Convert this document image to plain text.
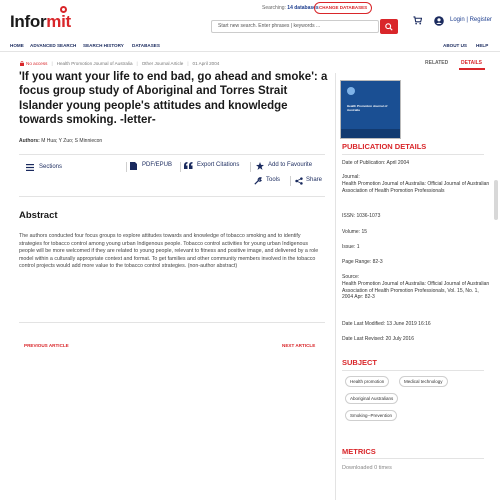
Informit
Searching: 14 databases CHANGE DATABASES
Start new search. Enter phrases | keywords ...
Login | Register
HOME ADVANCED SEARCH SEARCH HISTORY DATABASES	ABOUT US HELP
No access | Health Promotion Journal of Australia | Other Journal Article | 01 April 2004	RELATED	DETAILS
'If you want your life to end bad, go ahead and smoke': a focus group study of Aboriginal and Torres Strait Islander young people's attitudes and knowledge towards smoking. -letter-
Authors: M Hua; Y Zuo; S Minniecon
Sections	PDF/EPUB	Export Citations	Add to Favourite
Tools	Share
Abstract

The authors conducted four focus groups to explore attitudes towards and knowledge of tobacco smoking and to identify strategies for tobacco control among young urban Indigenous people. Tobacco control activities for young urban Indigenous people will be more welcomed if they are related to young people, relevant to fitness and positive image, and delivered by a role model within a culturally appropriate context and format. To get families and other community members involved in the tobacco control projects would add more value to the tobacco control strategies. (non-author abstract)

PREVIOUS ARTICLE	NEXT ARTICLE
Health Promotion Journal of Australia
PUBLICATION DETAILS
Date of Publication: April 2004
Journal:
Health Promotion Journal of Australia: Official Journal of Australian Association of Health Promotion Professionals
ISSN: 1036-1073
Volume: 15
Issue: 1
Page Range: 82-3
Source:
Health Promotion Journal of Australia: Official Journal of Australian Association of Health Promotion Professionals, Vol. 15, No. 1, 2004 Apr: 82-3
Date Last Modified: 13 June 2019 16:16
Date Last Revised: 20 July 2016
SUBJECT
Health promotion	Medical technology
Aboriginal Australians
Smoking--Prevention
METRICS
Downloaded 0 times
